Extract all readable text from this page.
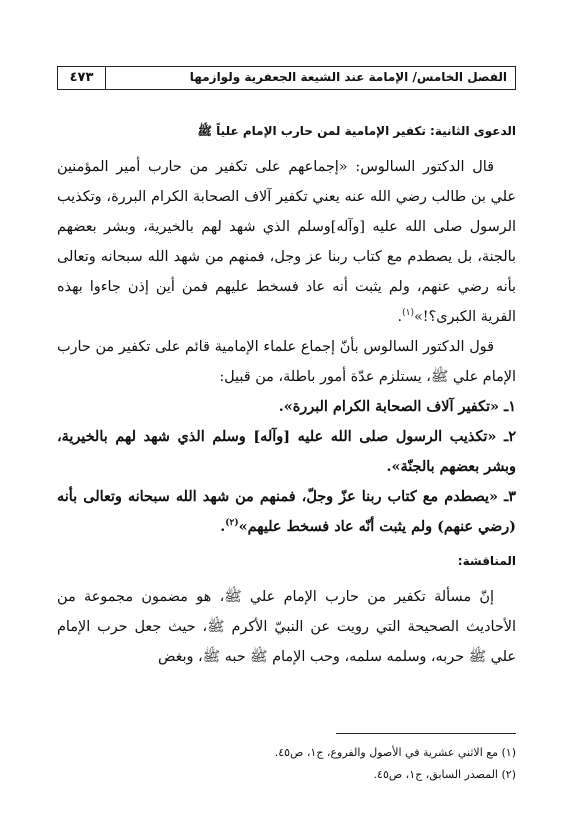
الفصل الخامس/ الإمامة عند الشيعة الجعفرية ولوازمها
٤٧٣

الدعوى الثانية: تكفير الإمامية لمن حارب الإمام علياً ﷺ

قال الدكتور السالوس: «إجماعهم على تكفير من حارب أمير المؤمنين علي بن طالب رضي الله عنه يعني تكفير آلاف الصحابة الكرام البررة، وتكذيب الرسول صلى الله عليه [وآله]وسلم الذي شهد لهم بالخيرية، وبشر بعضهم بالجنة، بل يصطدم مع كتاب ربنا عز وجل، فمنهم من شهد الله سبحانه وتعالى بأنه رضي عنهم، ولم يثبت أنه عاد فسخط عليهم فمن أين إذن جاءوا بهذه الفرية الكبرى؟!»$^{(١)}$.

قول الدكتور السالوس بأنّ إجماع علماء الإمامية قائم على تكفير من حارب الإمام علي ﷺ، يستلزم عدّة أمور باطلة، من قبيل:

١ـ «تكفير آلاف الصحابة الكرام البررة».

٢ـ «تكذيب الرسول صلى الله عليه [وآله] وسلم الذي شهد لهم بالخيرية، وبشر بعضهم بالجنّة».

٣ـ «يصطدم مع كتاب ربنا عزّ وجلّ، فمنهم من شهد الله سبحانه وتعالى بأنه (رضي عنهم) ولم يثبت أنّه عاد فسخط عليهم»$^{(٢)}$.

المناقشة:

إنّ مسألة تكفير من حارب الإمام علي ﷺ، هو مضمون مجموعة من الأحاديث الصحيحة التي رويت عن النبيّ الأكرم ﷺ، حيث جعل حرب الإمام علي ﷺ حربه، وسلمه سلمه، وحب الإمام ﷺ حبه ﷺ، وبغض

(١) مع الاثني عشرية في الأصول والفروع، ج١، ص٤٥.

(٢) المصدر السابق، ج١، ص٤٥.
